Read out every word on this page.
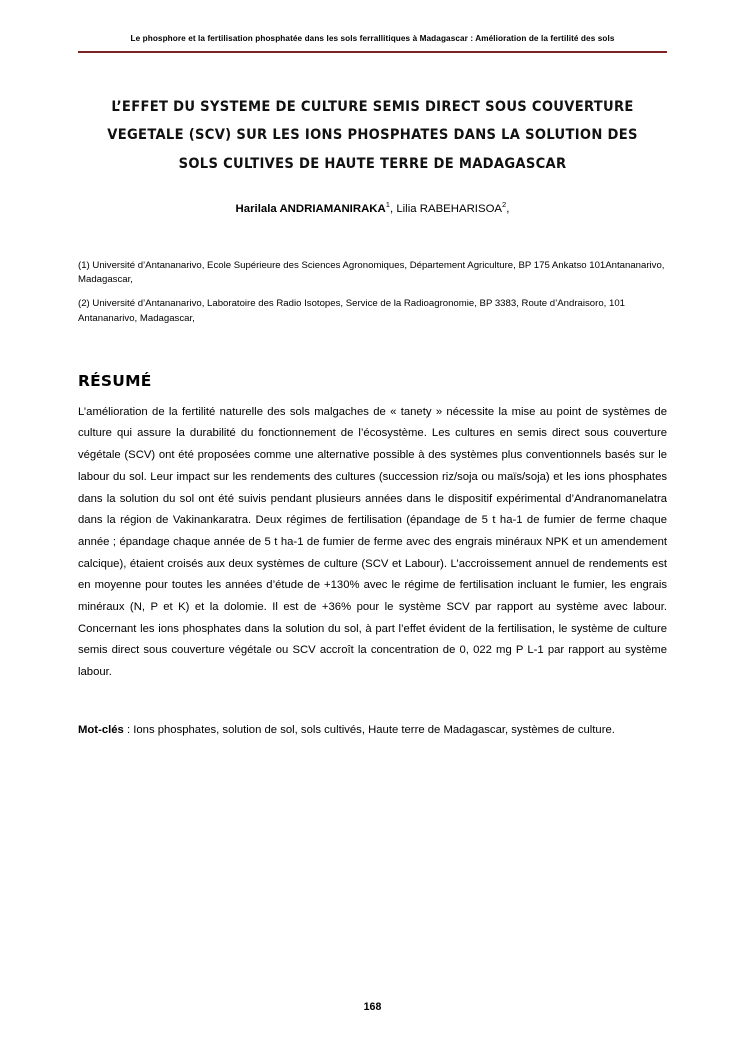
Le phosphore et la fertilisation phosphatée dans les sols ferrallitiques à Madagascar : Amélioration de la fertilité des sols
L’EFFET DU SYSTEME DE CULTURE SEMIS DIRECT SOUS COUVERTURE VEGETALE (SCV) SUR LES IONS PHOSPHATES DANS LA SOLUTION DES SOLS CULTIVES DE HAUTE TERRE DE MADAGASCAR
Harilala ANDRIAMANIRAKA$^1$, Lilia RABEHARISOA$^2$,

(1) Université d’Antananarivo, Ecole Supérieure des Sciences Agronomiques, Département Agriculture, BP 175 Ankatso 101Antananarivo, Madagascar,

(2) Université d’Antananarivo, Laboratoire des Radio Isotopes, Service de la Radioagronomie, BP 3383, Route d’Andraisoro, 101 Antananarivo, Madagascar,

RÉSUMÉ

L’amélioration de la fertilité naturelle des sols malgaches de « tanety » nécessite la mise au point de systèmes de culture qui assure la durabilité du fonctionnement de l’écosystème. Les cultures en semis direct sous couverture végétale (SCV) ont été proposées comme une alternative possible à des systèmes plus conventionnels basés sur le labour du sol. Leur impact sur les rendements des cultures (succession riz/soja ou maïs/soja) et les ions phosphates dans la solution du sol ont été suivis pendant plusieurs années dans le dispositif expérimental d’Andranomanelatra dans la région de Vakinankaratra. Deux régimes de fertilisation (épandage de 5 t ha-1 de fumier de ferme chaque année ; épandage chaque année de 5 t ha-1 de fumier de ferme avec des engrais minéraux NPK et un amendement calcique), étaient croisés aux deux systèmes de culture (SCV et Labour). L’accroissement annuel de rendements est en moyenne pour toutes les années d’étude de +130% avec le régime de fertilisation incluant le fumier, les engrais minéraux (N, P et K) et la dolomie. Il est de +36% pour le système SCV par rapport au système avec labour. Concernant les ions phosphates dans la solution du sol, à part l’effet évident de la fertilisation, le système de culture semis direct sous couverture végétale ou SCV accroît la concentration de 0, 022 mg P L-1 par rapport au système labour.

Mot-clés : Ions phosphates, solution de sol, sols cultivés, Haute terre de Madagascar, systèmes de culture.

168
